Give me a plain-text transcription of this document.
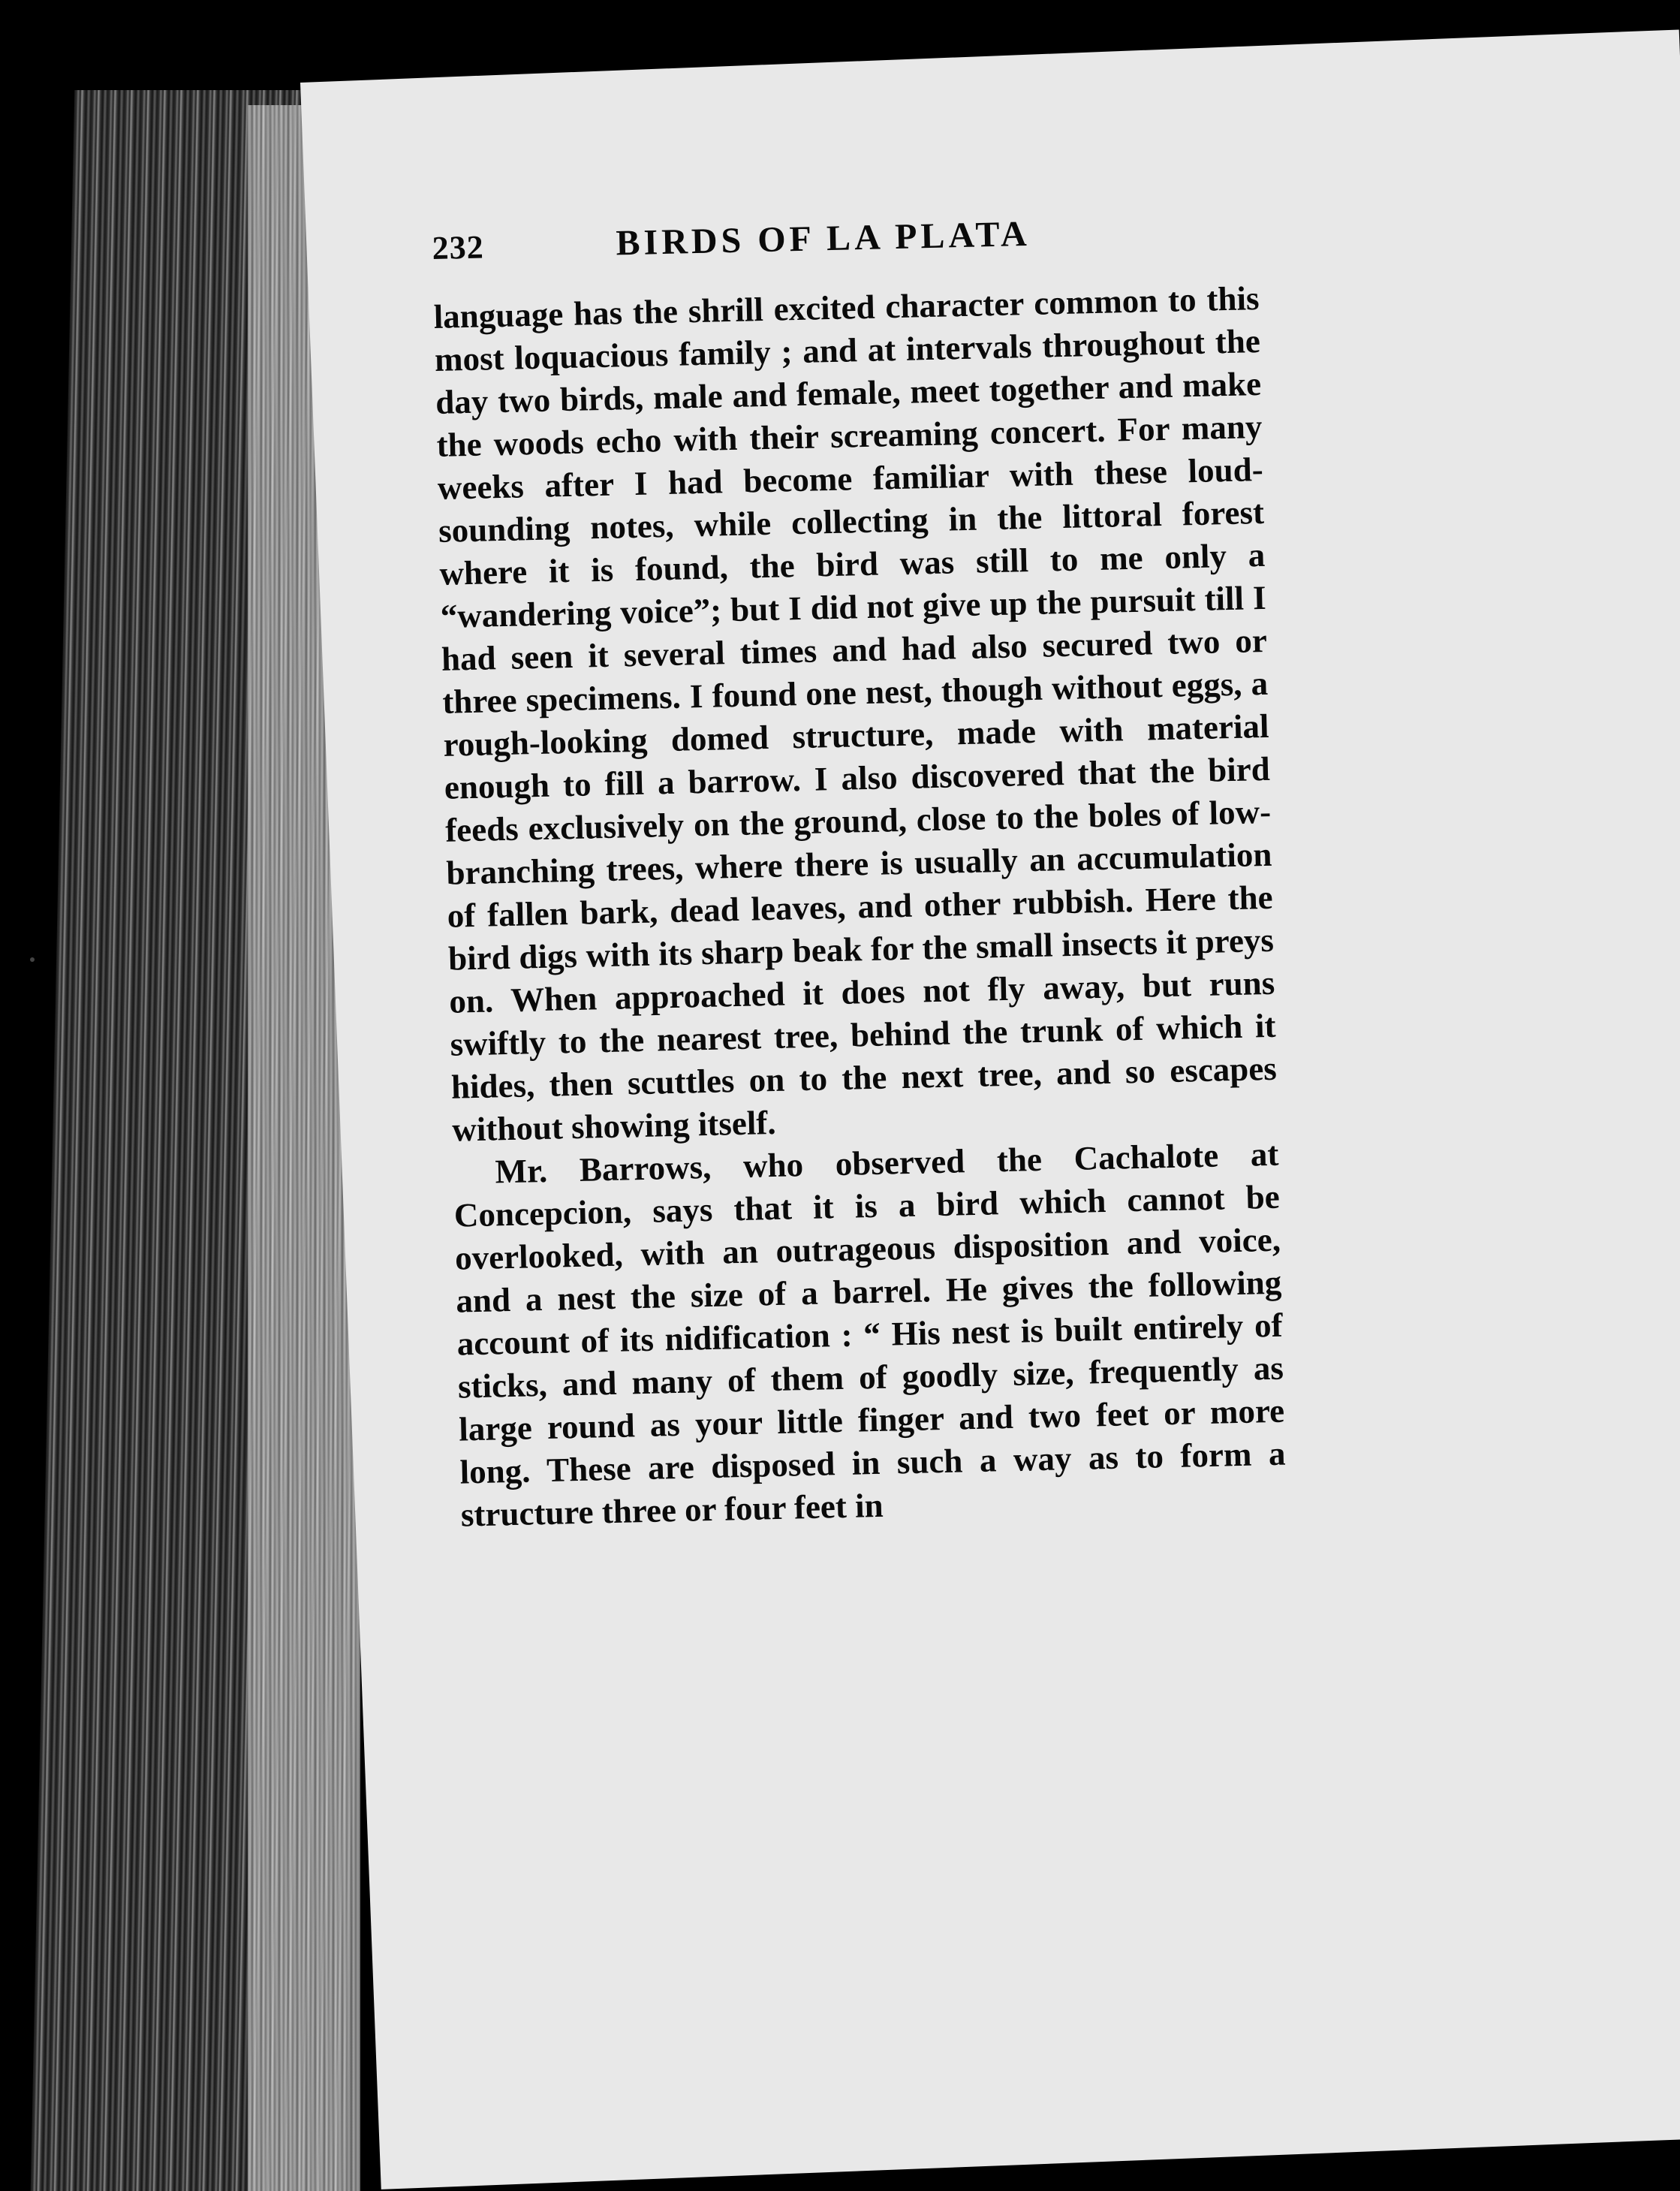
232	BIRDS OF LA PLATA

language has the shrill excited character common to this most loquacious family ; and at intervals throughout the day two birds, male and female, meet together and make the woods echo with their screaming concert. For many weeks after I had become familiar with these loud-sounding notes, while collecting in the littoral forest where it is found, the bird was still to me only a “wandering voice”; but I did not give up the pursuit till I had seen it several times and had also secured two or three specimens. I found one nest, though without eggs, a rough-looking domed structure, made with material enough to fill a barrow. I also discovered that the bird feeds exclusively on the ground, close to the boles of low-branching trees, where there is usually an accumulation of fallen bark, dead leaves, and other rubbish. Here the bird digs with its sharp beak for the small insects it preys on. When approached it does not fly away, but runs swiftly to the nearest tree, behind the trunk of which it hides, then scuttles on to the next tree, and so escapes without showing itself.

Mr. Barrows, who observed the Cachalote at Concepcion, says that it is a bird which cannot be overlooked, with an outrageous disposition and voice, and a nest the size of a barrel. He gives the following account of its nidification : “ His nest is built entirely of sticks, and many of them of goodly size, frequently as large round as your little finger and two feet or more long. These are disposed in such a way as to form a structure three or four feet in
